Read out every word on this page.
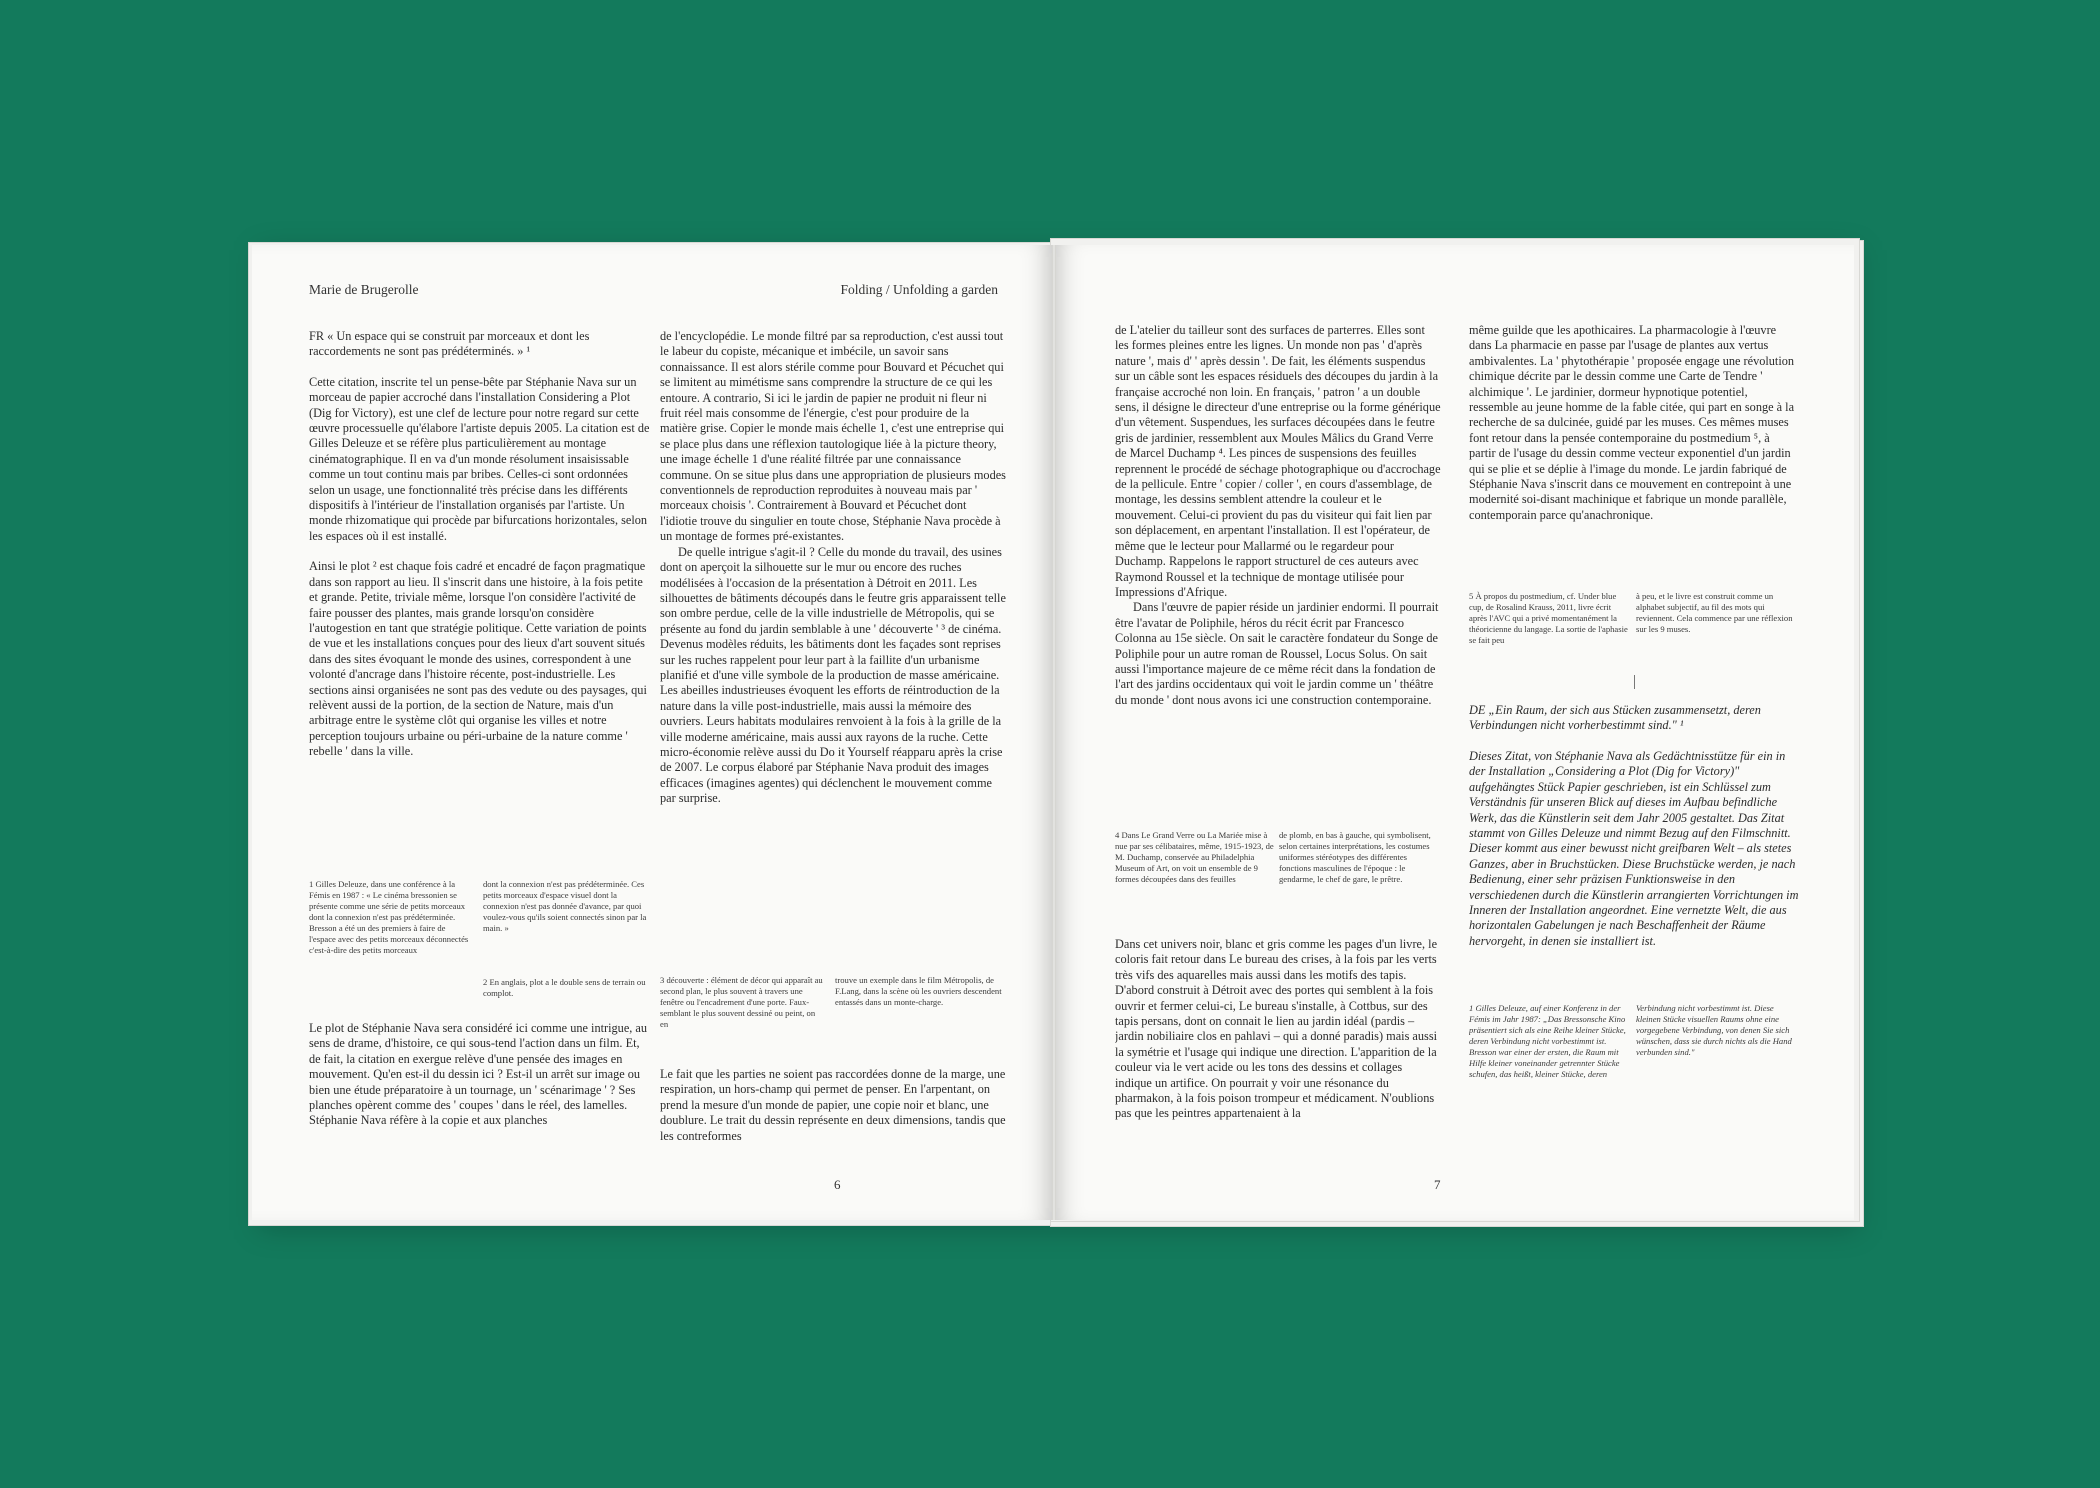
Marie de Brugerolle	Folding / Unfolding a garden

FR « Un espace qui se construit par morceaux et dont les raccordements ne sont pas prédéterminés. » ¹

Cette citation, inscrite tel un pense-bête par Stéphanie Nava sur un morceau de papier accroché dans l'installation Considering a Plot (Dig for Victory), est une clef de lecture pour notre regard sur cette œuvre processuelle qu'élabore l'artiste depuis 2005. La citation est de Gilles Deleuze et se réfère plus particulièrement au montage cinématographique. Il en va d'un monde résolument insaisissable comme un tout continu mais par bribes. Celles-ci sont ordonnées selon un usage, une fonctionnalité très précise dans les différents dispositifs à l'intérieur de l'installation organisés par l'artiste. Un monde rhizomatique qui procède par bifurcations horizontales, selon les espaces où il est installé.

Ainsi le plot ² est chaque fois cadré et encadré de façon pragmatique dans son rapport au lieu. Il s'inscrit dans une histoire, à la fois petite et grande. Petite, triviale même, lorsque l'on considère l'activité de faire pousser des plantes, mais grande lorsqu'on considère l'autogestion en tant que stratégie politique. Cette variation de points de vue et les installations conçues pour des lieux d'art souvent situés dans des sites évoquant le monde des usines, correspondent à une volonté d'ancrage dans l'histoire récente, post-industrielle. Les sections ainsi organisées ne sont pas des vedute ou des paysages, qui relèvent aussi de la portion, de la section de Nature, mais d'un arbitrage entre le système clôt qui organise les villes et notre perception toujours urbaine ou péri-urbaine de la nature comme ' rebelle ' dans la ville.

1 Gilles Deleuze, dans une conférence à la Fémis en 1987 : « Le cinéma bressonien se présente comme une série de petits morceaux dont la connexion n'est pas prédéterminée. Bresson a été un des premiers à faire de l'espace avec des petits morceaux déconnectés c'est-à-dire des petits morceaux
dont la connexion n'est pas prédéterminée. Ces petits morceaux d'espace visuel dont la connexion n'est pas donnée d'avance, par quoi voulez-vous qu'ils soient connectés sinon par la main. »
2 En anglais, plot a le double sens de terrain ou complot.
Le plot de Stéphanie Nava sera considéré ici comme une intrigue, au sens de drame, d'histoire, ce qui sous-tend l'action dans un film. Et, de fait, la citation en exergue relève d'une pensée des images en mouvement. Qu'en est-il du dessin ici ? Est-il un arrêt sur image ou bien une étude préparatoire à un tournage, un ' scénarimage ' ? Ses planches opèrent comme des ' coupes ' dans le réel, des lamelles. Stéphanie Nava réfère à la copie et aux planches

de l'encyclopédie. Le monde filtré par sa reproduction, c'est aussi tout le labeur du copiste, mécanique et imbécile, un savoir sans connaissance. Il est alors stérile comme pour Bouvard et Pécuchet qui se limitent au mimétisme sans comprendre la structure de ce qui les entoure. A contrario, Si ici le jardin de papier ne produit ni fleur ni fruit réel mais consomme de l'énergie, c'est pour produire de la matière grise. Copier le monde mais échelle 1, c'est une entreprise qui se place plus dans une réflexion tautologique liée à la picture theory, une image échelle 1 d'une réalité filtrée par une connaissance commune. On se situe plus dans une appropriation de plusieurs modes conventionnels de reproduction reproduites à nouveau mais par ' morceaux choisis '. Contrairement à Bouvard et Pécuchet dont l'idiotie trouve du singulier en toute chose, Stéphanie Nava procède à un montage de formes pré-existantes.

De quelle intrigue s'agit-il ? Celle du monde du travail, des usines dont on aperçoit la silhouette sur le mur ou encore des ruches modélisées à l'occasion de la présentation à Détroit en 2011. Les silhouettes de bâtiments découpés dans le feutre gris apparaissent telle son ombre perdue, celle de la ville industrielle de Métropolis, qui se présente au fond du jardin semblable à une ' découverte ' ³ de cinéma. Devenus modèles réduits, les bâtiments dont les façades sont reprises sur les ruches rappelent pour leur part à la faillite d'un urbanisme planifié et d'une ville symbole de la production de masse américaine. Les abeilles industrieuses évoquent les efforts de réintroduction de la nature dans la ville post-industrielle, mais aussi la mémoire des ouvriers. Leurs habitats modulaires renvoient à la fois à la grille de la ville moderne américaine, mais aussi aux rayons de la ruche. Cette micro-économie relève aussi du Do it Yourself réapparu après la crise de 2007. Le corpus élaboré par Stéphanie Nava produit des images efficaces (imagines agentes) qui déclenchent le mouvement comme par surprise.

3 découverte : élément de décor qui apparaît au second plan, le plus souvent à travers une fenêtre ou l'encadrement d'une porte. Faux-semblant le plus souvent dessiné ou peint, on en
trouve un exemple dans le film Métropolis, de F.Lang, dans la scène où les ouvriers descendent entassés dans un monte-charge.
Le fait que les parties ne soient pas raccordées donne de la marge, une respiration, un hors-champ qui permet de penser. En l'arpentant, on prend la mesure d'un monde de papier, une copie noir et blanc, une doublure. Le trait du dessin représente en deux dimensions, tandis que les contreformes
6

de L'atelier du tailleur sont des surfaces de parterres. Elles sont les formes pleines entre les lignes. Un monde non pas ' d'après nature ', mais d' ' après dessin '. De fait, les éléments suspendus sur un câble sont les espaces résiduels des découpes du jardin à la française accroché non loin. En français, ' patron ' a un double sens, il désigne le directeur d'une entreprise ou la forme générique d'un vêtement. Suspendues, les surfaces découpées dans le feutre gris de jardinier, ressemblent aux Moules Mâlics du Grand Verre de Marcel Duchamp ⁴. Les pinces de suspensions des feuilles reprennent le procédé de séchage photographique ou d'accrochage de la pellicule. Entre ' copier / coller ', en cours d'assemblage, de montage, les dessins semblent attendre la couleur et le mouvement. Celui-ci provient du pas du visiteur qui fait lien par son déplacement, en arpentant l'installation. Il est l'opérateur, de même que le lecteur pour Mallarmé ou le regardeur pour Duchamp. Rappelons le rapport structurel de ces auteurs avec Raymond Roussel et la technique de montage utilisée pour Impressions d'Afrique.

Dans l'œuvre de papier réside un jardinier endormi. Il pourrait être l'avatar de Poliphile, héros du récit écrit par Francesco Colonna au 15e siècle. On sait le caractère fondateur du Songe de Poliphile pour un autre roman de Roussel, Locus Solus. On sait aussi l'importance majeure de ce même récit dans la fondation de l'art des jardins occidentaux qui voit le jardin comme un ' théâtre du monde ' dont nous avons ici une construction contemporaine.

4 Dans Le Grand Verre ou La Mariée mise à nue par ses célibataires, même, 1915-1923, de M. Duchamp, conservée au Philadelphia Museum of Art, on voit un ensemble de 9 formes découpées dans des feuilles
de plomb, en bas à gauche, qui symbolisent, selon certaines interprétations, les costumes uniformes stéréotypes des différentes fonctions masculines de l'époque : le gendarme, le chef de gare, le prêtre.
Dans cet univers noir, blanc et gris comme les pages d'un livre, le coloris fait retour dans Le bureau des crises, à la fois par les verts très vifs des aquarelles mais aussi dans les motifs des tapis. D'abord construit à Détroit avec des portes qui semblent à la fois ouvrir et fermer celui-ci, Le bureau s'installe, à Cottbus, sur des tapis persans, dont on connait le lien au jardin idéal (pardis – jardin nobiliaire clos en pahlavi – qui a donné paradis) mais aussi la symétrie et l'usage qui indique une direction. L'apparition de la couleur via le vert acide ou les tons des dessins et collages indique un artifice. On pourrait y voir une résonance du pharmakon, à la fois poison trompeur et médicament. N'oublions pas que les peintres appartenaient à la

même guilde que les apothicaires. La pharmacologie à l'œuvre dans La pharmacie en passe par l'usage de plantes aux vertus ambivalentes. La ' phytothérapie ' proposée engage une révolution chimique décrite par le dessin comme une Carte de Tendre ' alchimique '. Le jardinier, dormeur hypnotique potentiel, ressemble au jeune homme de la fable citée, qui part en songe à la recherche de sa dulcinée, guidé par les muses. Ces mêmes muses font retour dans la pensée contemporaine du postmedium ⁵, à partir de l'usage du dessin comme vecteur exponentiel d'un jardin qui se plie et se déplie à l'image du monde. Le jardin fabriqué de Stéphanie Nava s'inscrit dans ce mouvement en contrepoint à une modernité soi-disant machinique et fabrique un monde parallèle, contemporain parce qu'anachronique.

5 À propos du postmedium, cf. Under blue cup, de Rosalind Krauss, 2011, livre écrit après l'AVC qui a privé momentanément la théoricienne du langage. La sortie de l'aphasie se fait peu
à peu, et le livre est construit comme un alphabet subjectif, au fil des mots qui reviennent. Cela commence par une réflexion sur les 9 muses.
DE „Ein Raum, der sich aus Stücken zusammensetzt, deren Verbindungen nicht vorherbestimmt sind." ¹
Dieses Zitat, von Stéphanie Nava als Gedächtnisstütze für ein in der Installation „Considering a Plot (Dig for Victory)" aufgehängtes Stück Papier geschrieben, ist ein Schlüssel zum Verständnis für unseren Blick auf dieses im Aufbau befindliche Werk, das die Künstlerin seit dem Jahr 2005 gestaltet. Das Zitat stammt von Gilles Deleuze und nimmt Bezug auf den Filmschnitt. Dieser kommt aus einer bewusst nicht greifbaren Welt – als stetes Ganzes, aber in Bruchstücken. Diese Bruchstücke werden, je nach Bedienung, einer sehr präzisen Funktionsweise in den verschiedenen durch die Künstlerin arrangierten Vorrichtungen im Inneren der Installation angeordnet. Eine vernetzte Welt, die aus horizontalen Gabelungen je nach Beschaffenheit der Räume hervorgeht, in denen sie installiert ist.
1 Gilles Deleuze, auf einer Konferenz in der Fémis im Jahr 1987: „Das Bressonsche Kino präsentiert sich als eine Reihe kleiner Stücke, deren Verbindung nicht vorbestimmt ist. Bresson war einer der ersten, die Raum mit Hilfe kleiner voneinander getrennter Stücke schufen, das heißt, kleiner Stücke, deren
Verbindung nicht vorbestimmt ist. Diese kleinen Stücke visuellen Raums ohne eine vorgegebene Verbindung, von denen Sie sich wünschen, dass sie durch nichts als die Hand verbunden sind."
7
